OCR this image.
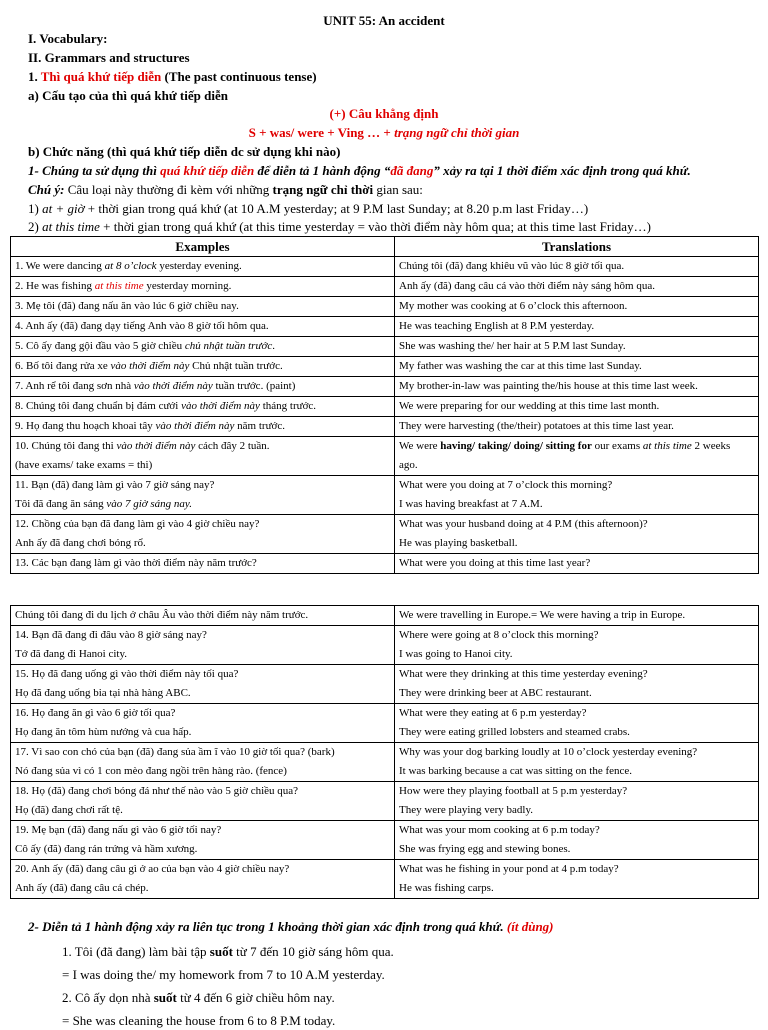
UNIT 55: An accident
I. Vocabulary:
II. Grammars and structures
1. Thì quá khứ tiếp diễn (The past continuous tense)
a) Cấu tạo của thì quá khứ tiếp diễn
(+) Câu khẳng định
S + was/ were + Ving … + trạng ngữ chỉ thời gian
b) Chức năng (thì quá khứ tiếp diễn dc sử dụng khi nào)
1- Chúng ta sử dụng thì quá khứ tiếp diễn để diễn tả 1 hành động “đã đang” xảy ra tại 1 thời điểm xác định trong quá khứ.
Chú ý: Câu loại này thường đi kèm với những trạng ngữ chỉ thời gian sau:
1) at + giờ + thời gian trong quá khứ (at 10 A.M yesterday; at 9 P.M last Sunday; at 8.20 p.m last Friday…)
2) at this time + thời gian trong quá khứ (at this time yesterday = vào thời điểm này hôm qua; at this time last Friday…)
Examples	Translations
1. We were dancing at 8 o’clock yesterday evening.	Chúng tôi (đã) đang khiêu vũ vào lúc 8 giờ tối qua.
2. He was fishing at this time yesterday morning.	Anh ấy (đã) đang câu cá vào thời điểm này sáng hôm qua.
3. Mẹ tôi (đã) đang nấu ăn vào lúc 6 giờ chiều nay.	My mother was cooking at 6 o’clock this afternoon.
4. Anh ấy (đã) đang dạy tiếng Anh vào 8 giờ tối hôm qua.	He was teaching English at 8 P.M yesterday.
5. Cô ấy đang gội đầu vào 5 giờ chiều chủ nhật tuần trước.	She was washing the/ her hair at 5 P.M last Sunday.
6. Bố tôi đang rửa xe vào thời điểm này Chủ nhật tuần trước.	My father was washing the car at this time last Sunday.
7. Anh rể tôi đang sơn nhà vào thời điểm này tuần trước. (paint)	My brother-in-law was painting the/his house at this time last week.
8. Chúng tôi đang chuẩn bị đám cưới vào thời điểm này tháng trước.	We were preparing for our wedding at this time last month.
9. Họ đang thu hoạch khoai tây vào thời điểm này năm trước.	They were harvesting (the/their) potatoes at this time last year.
10. Chúng tôi đang thi vào thời điểm này cách đây 2 tuần.	We were having/ taking/ doing/ sitting for our exams at this time 2 weeks
(have exams/ take exams = thi)	ago.
11. Bạn (đã) đang làm gì vào 7 giờ sáng nay?	What were you doing at 7 o’clock this morning?
Tôi đã đang ăn sáng vào 7 giờ sáng nay.	I was having breakfast at 7 A.M.
12. Chồng của bạn đã đang làm gì vào 4 giờ chiều nay?	What was your husband doing at 4 P.M (this afternoon)?
Anh ấy đã đang chơi bóng rổ.	He was playing basketball.
13. Các bạn đang làm gì vào thời điểm này năm trước?	What were you doing at this time last year?
Chúng tôi đang đi du lịch ở châu Âu vào thời điểm này năm trước.	We were travelling in Europe.= We were having a trip in Europe.
14. Bạn đã đang đi đâu vào 8 giờ sáng nay?	Where were going at 8 o’clock this morning?
Tớ đã đang đi Hanoi city.	I was going to Hanoi city.
15. Họ đã đang uống gì vào thời điểm này tối qua?	What were they drinking at this time yesterday evening?
Họ đã đang uống bia tại nhà hàng ABC.	They were drinking beer at ABC restaurant.
16. Họ đang ăn gì vào 6 giờ tối qua?	What were they eating at 6 p.m yesterday?
Họ đang ăn tôm hùm nướng và cua hấp.	They were eating grilled lobsters and steamed crabs.
17. Vì sao con chó của bạn (đã) đang sủa ầm ĩ vào 10 giờ tối qua? (bark)	Why was your dog barking loudly at 10 o’clock yesterday evening?
Nó đang sủa vì có 1 con mèo đang ngồi trên hàng rào. (fence)	It was barking because a cat was sitting on the fence.
18. Họ (đã) đang chơi bóng đá như thế nào vào 5 giờ chiều qua?	How were they playing football at 5 p.m yesterday?
Họ (đã) đang chơi rất tệ.	They were playing very badly.
19. Mẹ bạn (đã) đang nấu gì vào 6 giờ tối nay?	What was your mom cooking at 6 p.m today?
Cô ấy (đã) đang rán trứng và hầm xương.	She was frying egg and stewing bones.
20. Anh ấy (đã) đang câu gì ở ao của bạn vào 4 giờ chiều nay?	What was he fishing in your pond at 4 p.m today?
Anh ấy (đã) đang câu cá chép.	He was fishing carps.
2- Diễn tả 1 hành động xảy ra liên tục trong 1 khoảng thời gian xác định trong quá khứ. (ít dùng)
1. Tôi (đã đang) làm bài tập suốt từ 7 đến 10 giờ sáng hôm qua.
= I was doing the/ my homework from 7 to 10 A.M yesterday.
2. Cô ấy dọn nhà suốt từ 4 đến 6 giờ chiều hôm nay.
= She was cleaning the house from 6 to 8 P.M today.
